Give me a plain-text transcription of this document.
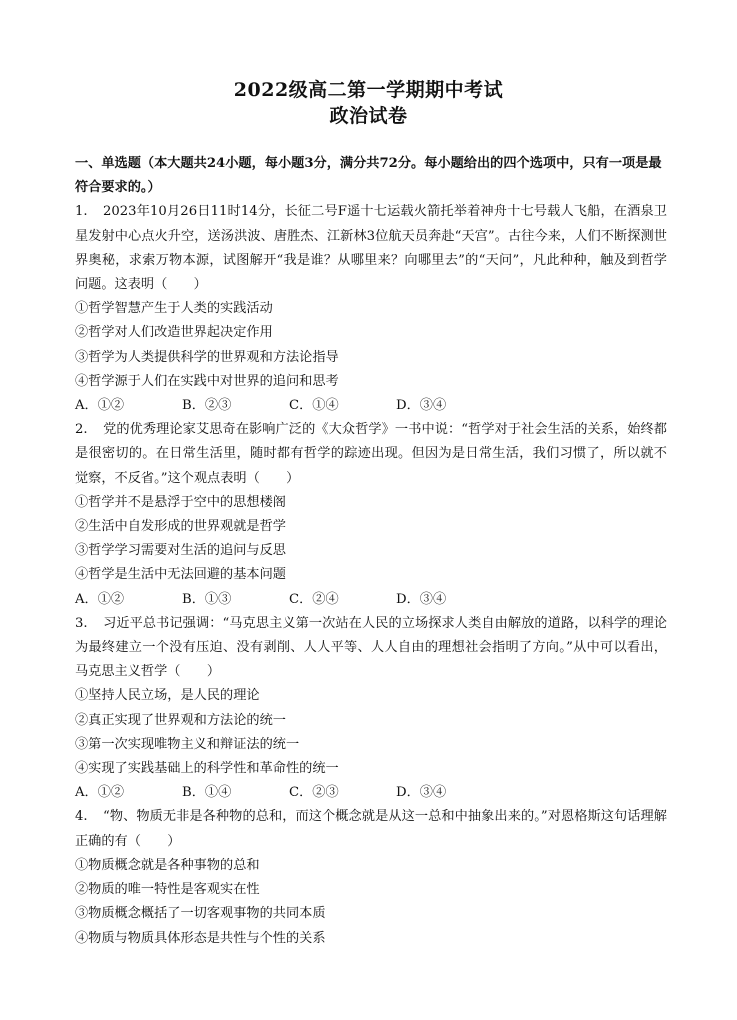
2022级高二第一学期期中考试
政治试卷
一、单选题（本大题共24小题，每小题3分，满分共72分。每小题给出的四个选项中，只有一项是最符合要求的。）
1. 2023年10月26日11时14分，长征二号F遥十七运载火箭托举着神舟十七号载人飞船，在酒泉卫星发射中心点火升空，送汤洪波、唐胜杰、江新林3位航天员奔赴“天宫”。古往今来，人们不断探测世界奥秘，求索万物本源，试图解开“我是谁？从哪里来？向哪里去”的“天问”，凡此种种，触及到哲学问题。这表明（　　）
①哲学智慧产生于人类的实践活动
②哲学对人们改造世界起决定作用
③哲学为人类提供科学的世界观和方法论指导
④哲学源于人们在实践中对世界的追问和思考
A．①②	B．②③	C．①④	D．③④
2. 党的优秀理论家艾思奇在影响广泛的《大众哲学》一书中说：“哲学对于社会生活的关系，始终都是很密切的。在日常生活里，随时都有哲学的踪迹出现。但因为是日常生活，我们习惯了，所以就不觉察，不反省。”这个观点表明（　　）
①哲学并不是悬浮于空中的思想楼阁
②生活中自发形成的世界观就是哲学
③哲学学习需要对生活的追问与反思
④哲学是生活中无法回避的基本问题
A．①②	B．①③	C．②④	D．③④
3. 习近平总书记强调：“马克思主义第一次站在人民的立场探求人类自由解放的道路，以科学的理论为最终建立一个没有压迫、没有剥削、人人平等、人人自由的理想社会指明了方向。”从中可以看出，马克思主义哲学（　　）
①坚持人民立场，是人民的理论
②真正实现了世界观和方法论的统一
③第一次实现唯物主义和辩证法的统一
④实现了实践基础上的科学性和革命性的统一
A．①②	B．①④	C．②③	D．③④
4. “物、物质无非是各种物的总和，而这个概念就是从这一总和中抽象出来的。”对恩格斯这句话理解正确的有（　　）
①物质概念就是各种事物的总和
②物质的唯一特性是客观实在性
③物质概念概括了一切客观事物的共同本质
④物质与物质具体形态是共性与个性的关系
